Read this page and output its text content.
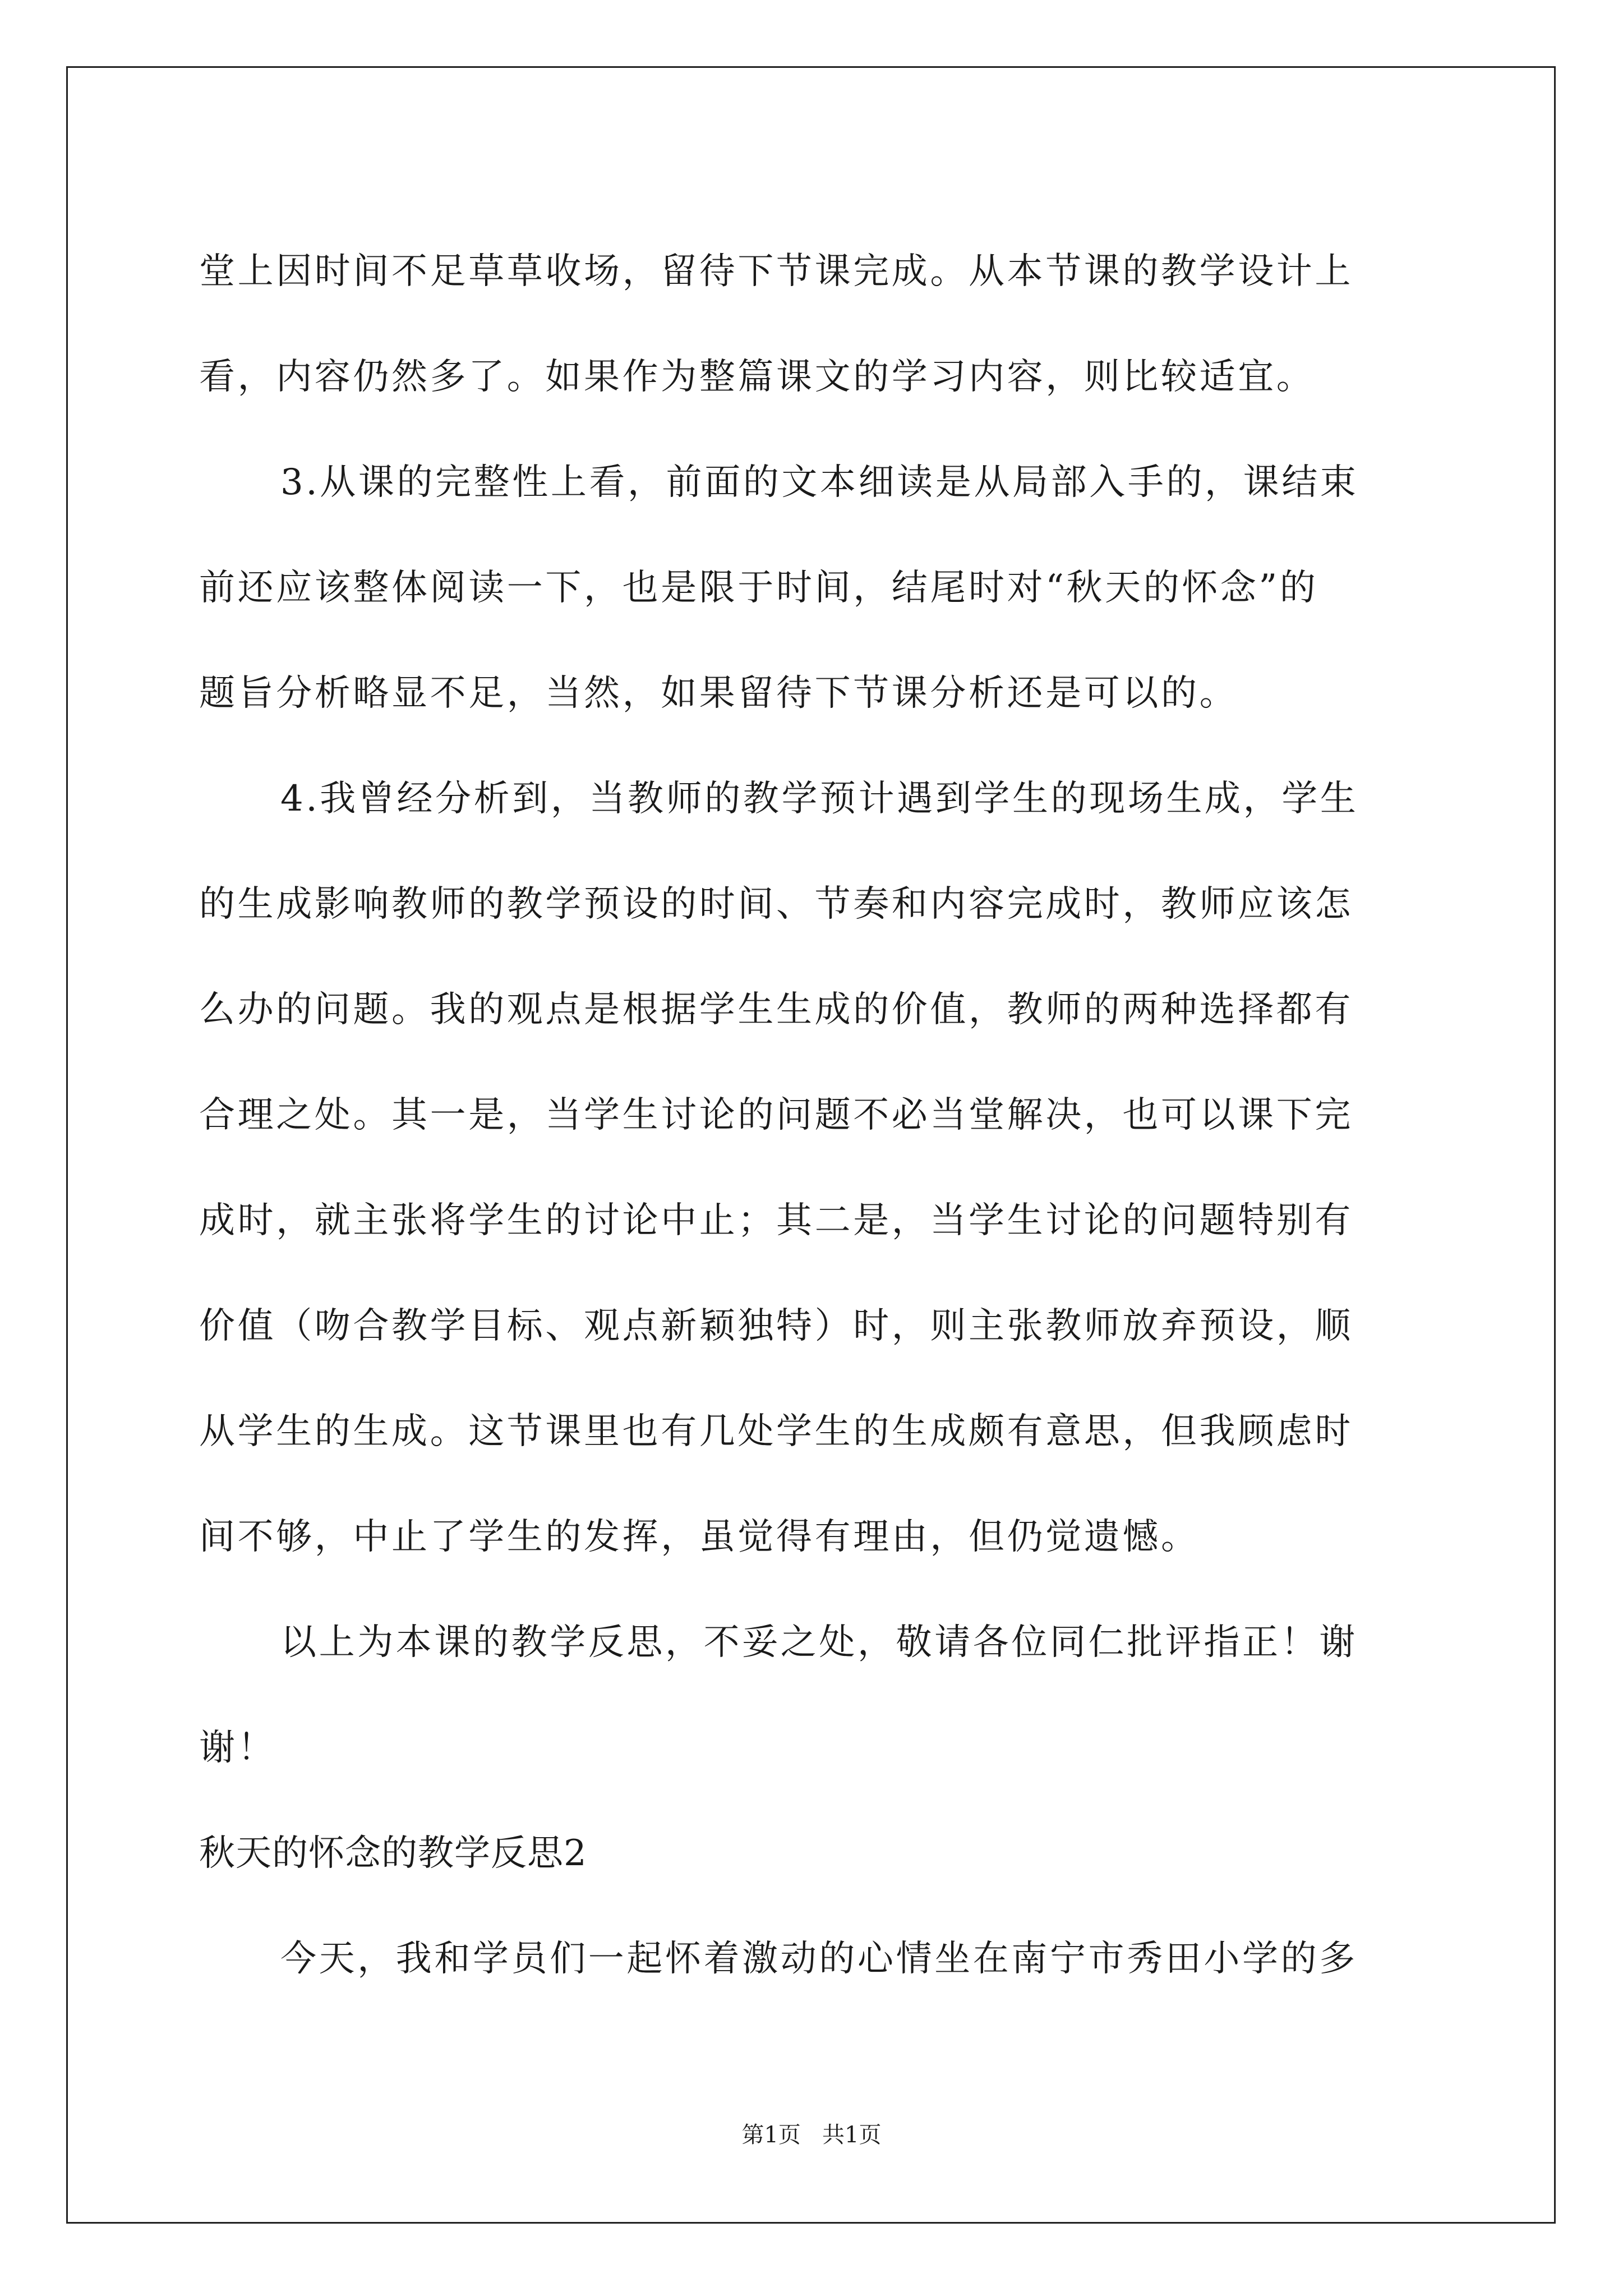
堂上因时间不足草草收场，留待下节课完成。从本节课的教学设计上
看，内容仍然多了。如果作为整篇课文的学习内容，则比较适宜。
3.从课的完整性上看，前面的文本细读是从局部入手的，课结束
前还应该整体阅读一下，也是限于时间，结尾时对“秋天的怀念”的
题旨分析略显不足，当然，如果留待下节课分析还是可以的。
4.我曾经分析到，当教师的教学预计遇到学生的现场生成，学生
的生成影响教师的教学预设的时间、节奏和内容完成时，教师应该怎
么办的问题。我的观点是根据学生生成的价值，教师的两种选择都有
合理之处。其一是，当学生讨论的问题不必当堂解决，也可以课下完
成时，就主张将学生的讨论中止；其二是，当学生讨论的问题特别有
价值（吻合教学目标、观点新颖独特）时，则主张教师放弃预设，顺
从学生的生成。这节课里也有几处学生的生成颇有意思，但我顾虑时
间不够，中止了学生的发挥，虽觉得有理由，但仍觉遗憾。
以上为本课的教学反思，不妥之处，敬请各位同仁批评指正！谢
谢！
秋天的怀念的教学反思2
今天，我和学员们一起怀着激动的心情坐在南宁市秀田小学的多
第1页   共1页
